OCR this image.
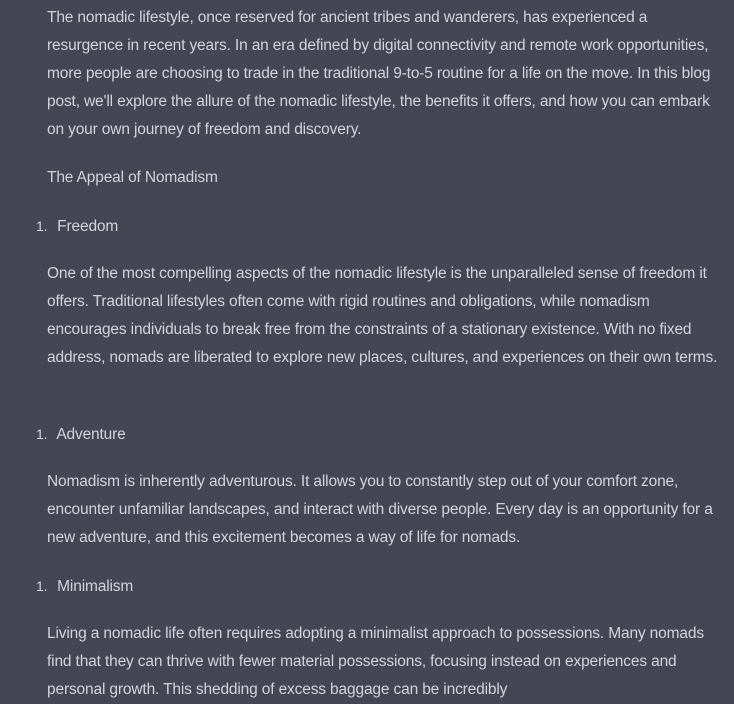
The nomadic lifestyle, once reserved for ancient tribes and wanderers, has experienced a resurgence in recent years. In an era defined by digital connectivity and remote work opportunities, more people are choosing to trade in the traditional 9-to-5 routine for a life on the move. In this blog post, we'll explore the allure of the nomadic lifestyle, the benefits it offers, and how you can embark on your own journey of freedom and discovery.

The Appeal of Nomadism

1. Freedom

One of the most compelling aspects of the nomadic lifestyle is the unparalleled sense of freedom it offers. Traditional lifestyles often come with rigid routines and obligations, while nomadism encourages individuals to break free from the constraints of a stationary existence. With no fixed address, nomads are liberated to explore new places, cultures, and experiences on their own terms.

1. Adventure

Nomadism is inherently adventurous. It allows you to constantly step out of your comfort zone, encounter unfamiliar landscapes, and interact with diverse people. Every day is an opportunity for a new adventure, and this excitement becomes a way of life for nomads.

1. Minimalism

Living a nomadic life often requires adopting a minimalist approach to possessions. Many nomads find that they can thrive with fewer material possessions, focusing instead on experiences and personal growth. This shedding of excess baggage can be incredibly
